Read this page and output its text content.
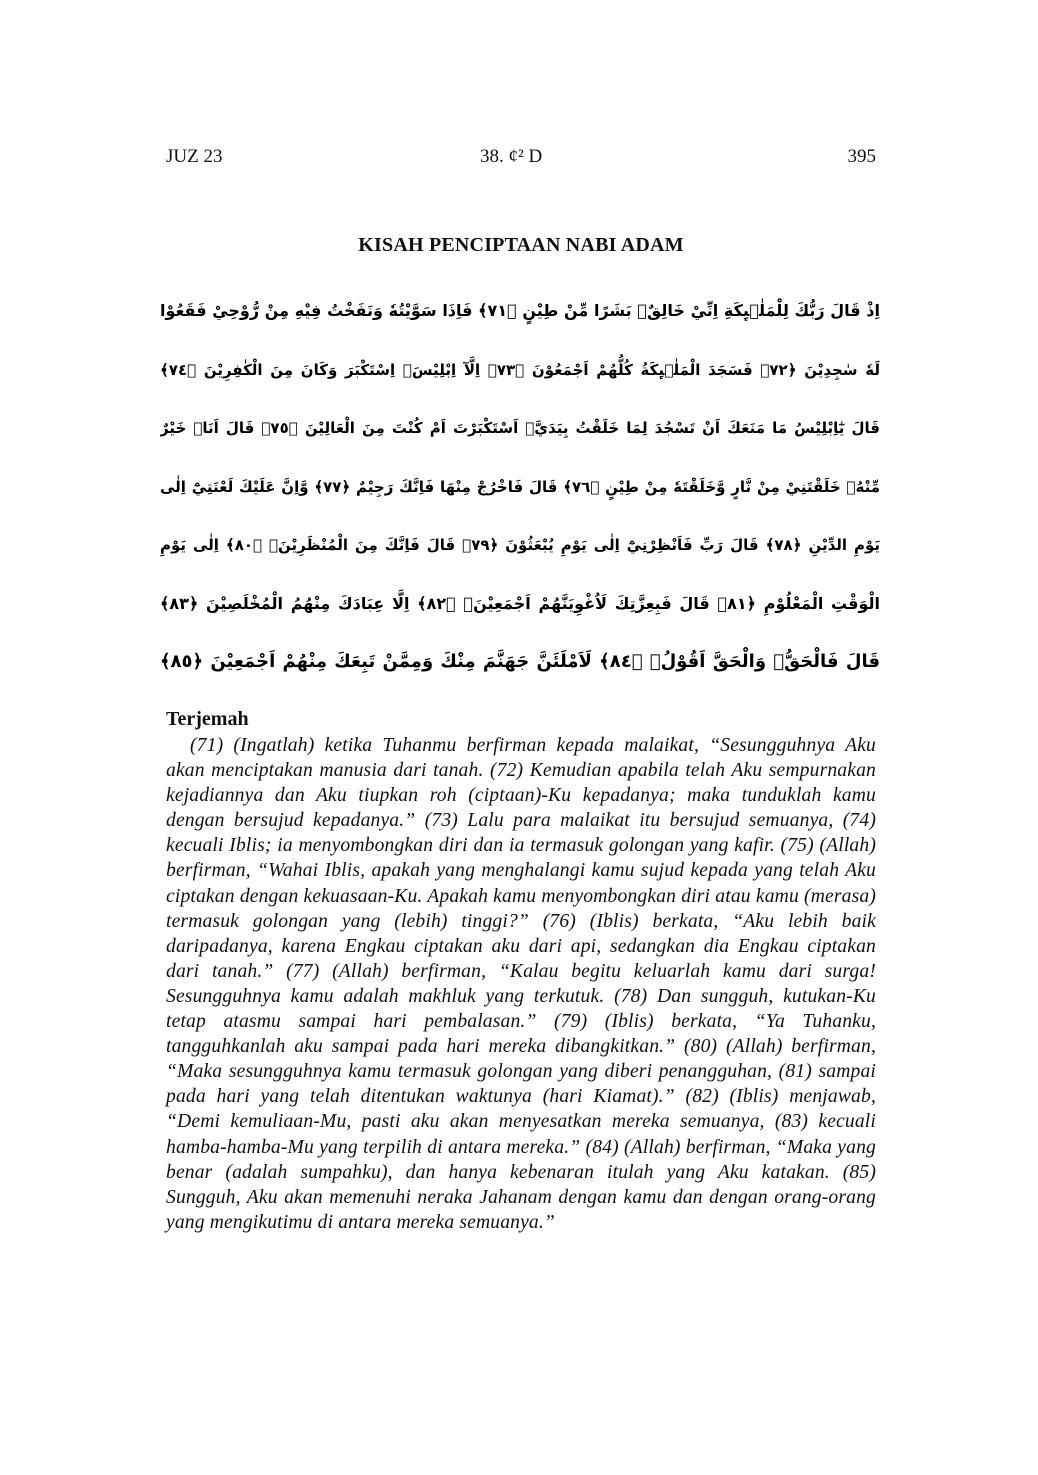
JUZ 23	38. ¢² D	395
KISAH PENCIPTAAN NABI ADAM
اِذْ قَالَ رَبُّكَ لِلْمَلٰۤىِٕكَةِ اِنِّيْ خَالِقٌۢ بَشَرًا مِّنْ طِيْنٍ ﴿٧١﴾ فَاِذَا سَوَّيْتُهٗ وَنَفَخْتُ فِيْهِ مِنْ رُّوْحِيْ فَقَعُوْا
لَهٗ سٰجِدِيْنَ ﴿٧٢﴾ فَسَجَدَ الْمَلٰۤىِٕكَةُ كُلُّهُمْ اَجْمَعُوْنَ ﴿٧٣﴾ اِلَّآ اِبْلِيْسَۗ اِسْتَكْبَرَ وَكَانَ مِنَ الْكٰفِرِيْنَ ﴿٧٤﴾
قَالَ يٰٓاِبْلِيْسُ مَا مَنَعَكَ اَنْ تَسْجُدَ لِمَا خَلَقْتُ بِيَدَيَّۗ اَسْتَكْبَرْتَ اَمْ كُنْتَ مِنَ الْعَالِيْنَ ﴿٧٥﴾ قَالَ اَنَا۠ خَيْرٌ
مِّنْهُۗ خَلَقْتَنِيْ مِنْ نَّارٍ وَّخَلَقْتَهٗ مِنْ طِيْنٍ ﴿٧٦﴾ قَالَ فَاخْرُجْ مِنْهَا فَاِنَّكَ رَجِيْمٌ ﴿٧٧﴾ وَّاِنَّ عَلَيْكَ لَعْنَتِيْٓ اِلٰى
يَوْمِ الدِّيْنِ ﴿٧٨﴾ قَالَ رَبِّ فَاَنْظِرْنِيْٓ اِلٰى يَوْمِ يُبْعَثُوْنَ ﴿٧٩﴾ قَالَ فَاِنَّكَ مِنَ الْمُنْظَرِيْنَۙ ﴿٨٠﴾ اِلٰى يَوْمِ
الْوَقْتِ الْمَعْلُوْمِ ﴿٨١﴾ قَالَ فَبِعِزَّتِكَ لَاُغْوِيَنَّهُمْ اَجْمَعِيْنَۙ ﴿٨٢﴾ اِلَّا عِبَادَكَ مِنْهُمُ الْمُخْلَصِيْنَ ﴿٨٣﴾
قَالَ فَالْحَقُّۖ وَالْحَقَّ اَقُوْلُۚ ﴿٨٤﴾ لَاَمْلَئَنَّ جَهَنَّمَ مِنْكَ وَمِمَّنْ تَبِعَكَ مِنْهُمْ اَجْمَعِيْنَ ﴿٨٥﴾
Terjemah

(71) (Ingatlah) ketika Tuhanmu berfirman kepada malaikat, “Sesungguhnya Aku akan menciptakan manusia dari tanah. (72) Kemudian apabila telah Aku sempurnakan kejadiannya dan Aku tiupkan roh (ciptaan)-Ku kepadanya; maka tunduklah kamu dengan bersujud kepadanya.” (73) Lalu para malaikat itu bersujud semuanya, (74) kecuali Iblis; ia menyombongkan diri dan ia termasuk golongan yang kafir. (75) (Allah) berfirman, “Wahai Iblis, apakah yang menghalangi kamu sujud kepada yang telah Aku ciptakan dengan kekuasaan-Ku. Apakah kamu menyombongkan diri atau kamu (merasa) termasuk golongan yang (lebih) tinggi?” (76) (Iblis) berkata, “Aku lebih baik daripadanya, karena Engkau ciptakan aku dari api, sedangkan dia Engkau ciptakan dari tanah.” (77) (Allah) berfirman, “Kalau begitu keluarlah kamu dari surga! Sesungguhnya kamu adalah makhluk yang terkutuk. (78) Dan sungguh, kutukan-Ku tetap atasmu sampai hari pembalasan.” (79) (Iblis) berkata, “Ya Tuhanku, tangguhkanlah aku sampai pada hari mereka dibangkitkan.” (80) (Allah) berfirman, “Maka sesungguhnya kamu termasuk golongan yang diberi penangguhan, (81) sampai pada hari yang telah ditentukan waktunya (hari Kiamat).” (82) (Iblis) menjawab, “Demi kemuliaan-Mu, pasti aku akan menyesatkan mereka semuanya, (83) kecuali hamba-hamba-Mu yang terpilih di antara mereka.” (84) (Allah) berfirman, “Maka yang benar (adalah sumpahku), dan hanya kebenaran itulah yang Aku katakan. (85) Sungguh, Aku akan memenuhi neraka Jahanam dengan kamu dan dengan orang-orang yang mengikutimu di antara mereka semuanya.”
